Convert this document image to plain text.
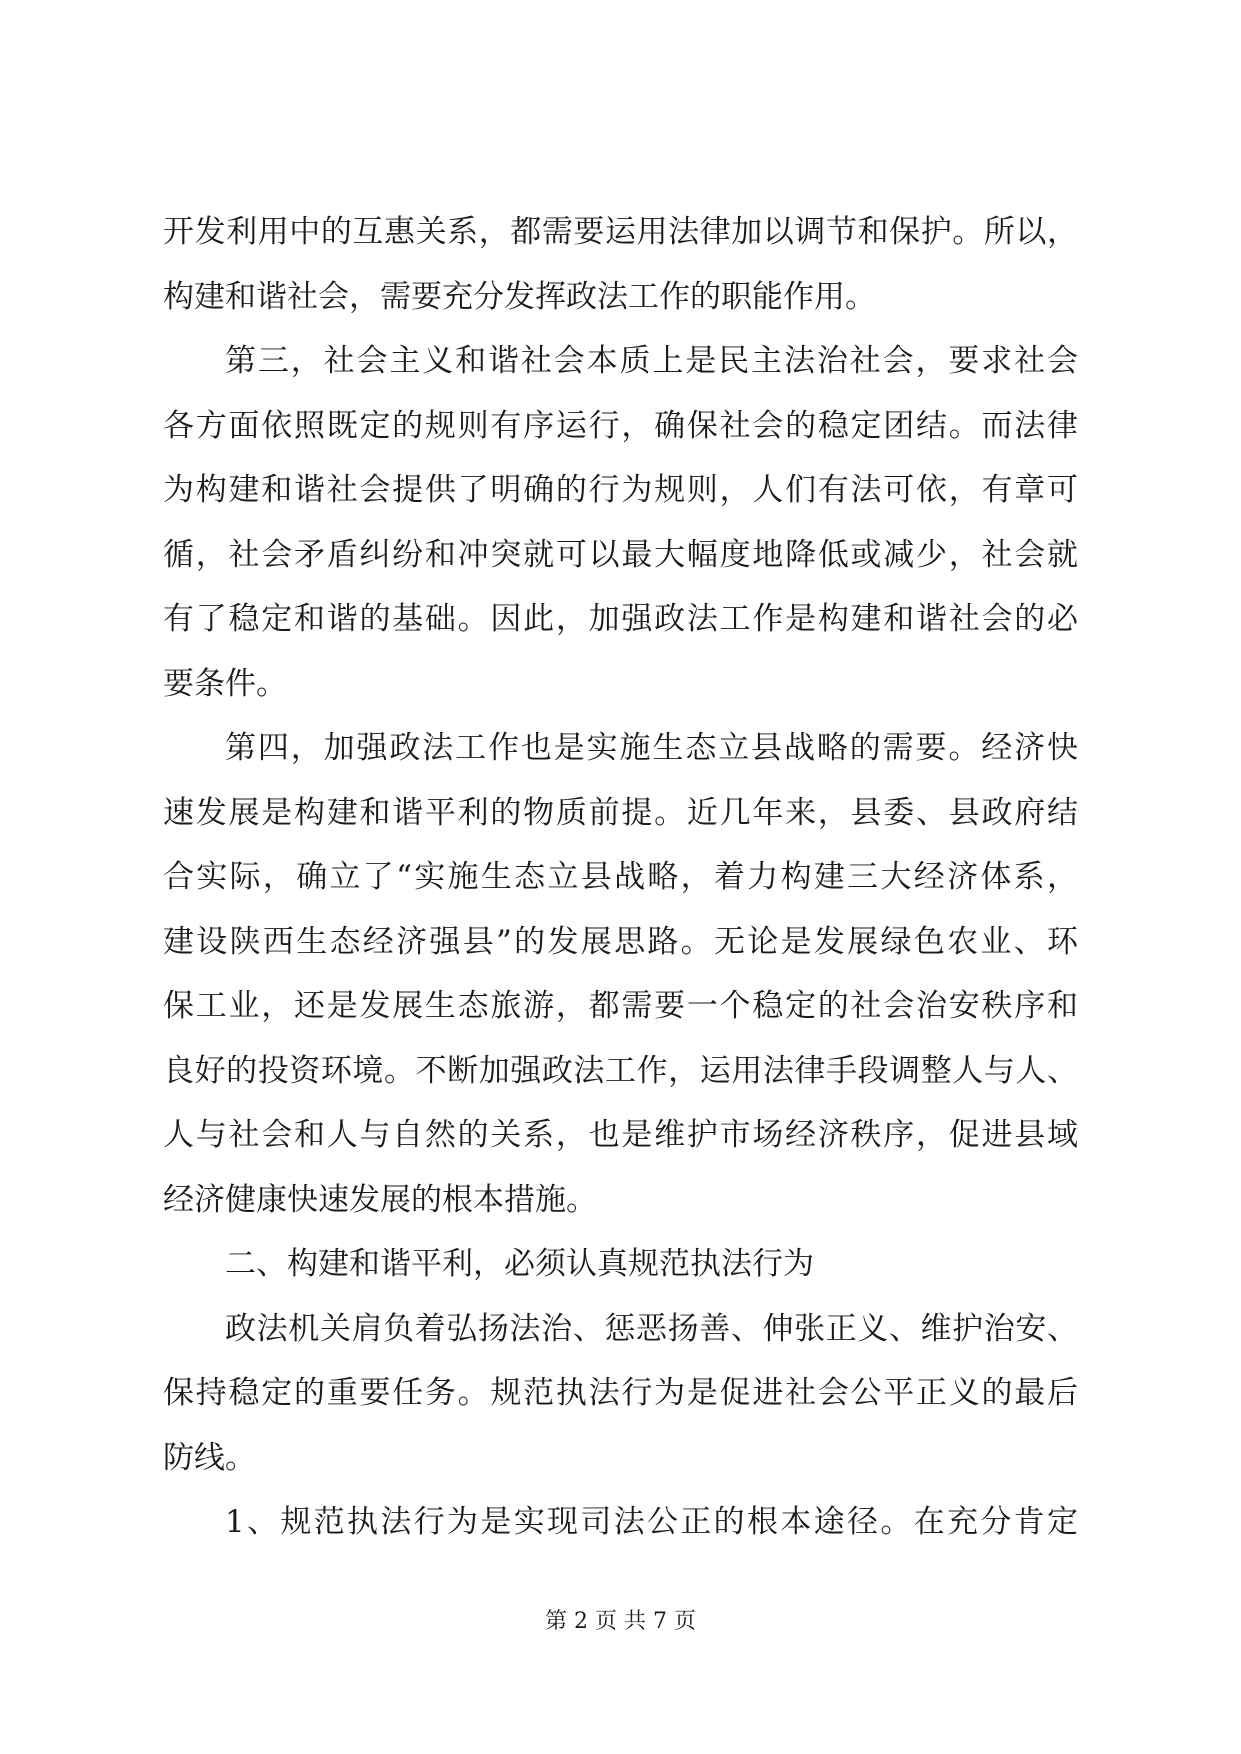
开发利用中的互惠关系，都需要运用法律加以调节和保护。所以，
构建和谐社会，需要充分发挥政法工作的职能作用。
第三，社会主义和谐社会本质上是民主法治社会，要求社会
各方面依照既定的规则有序运行，确保社会的稳定团结。而法律
为构建和谐社会提供了明确的行为规则，人们有法可依，有章可
循，社会矛盾纠纷和冲突就可以最大幅度地降低或减少，社会就
有了稳定和谐的基础。因此，加强政法工作是构建和谐社会的必
要条件。
第四，加强政法工作也是实施生态立县战略的需要。经济快
速发展是构建和谐平利的物质前提。近几年来，县委、县政府结
合实际，确立了“实施生态立县战略，着力构建三大经济体系，
建设陕西生态经济强县”的发展思路。无论是发展绿色农业、环
保工业，还是发展生态旅游，都需要一个稳定的社会治安秩序和
良好的投资环境。不断加强政法工作，运用法律手段调整人与人、
人与社会和人与自然的关系，也是维护市场经济秩序，促进县域
经济健康快速发展的根本措施。
二、构建和谐平利，必须认真规范执法行为
政法机关肩负着弘扬法治、惩恶扬善、伸张正义、维护治安、
保持稳定的重要任务。规范执法行为是促进社会公平正义的最后
防线。
1、规范执法行为是实现司法公正的根本途径。在充分肯定
第 2 页 共 7 页
